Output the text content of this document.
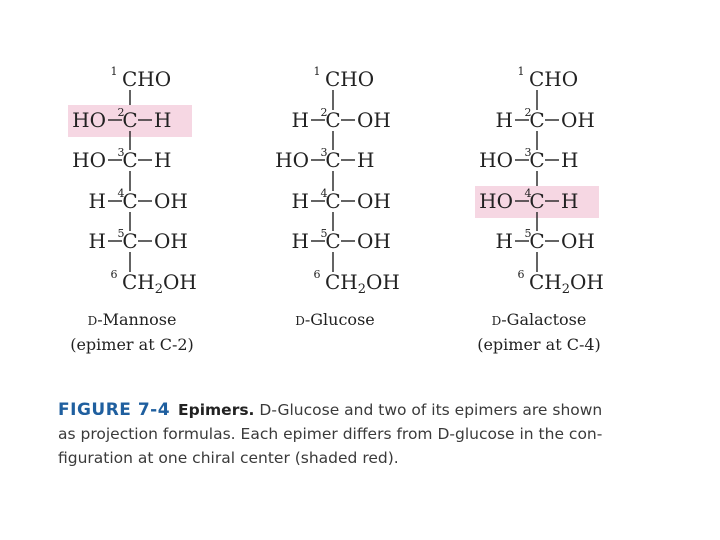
1 CHO
2
C
HO H
3
C
HO H
4
C
H OH
5
C
H OH
6 $CH_2OH$
D-Mannose
(epimer at C-2)
1 CHO
2
C
H OH
3
C
HO H
4
C
H OH
5
C
H OH
6 $CH_2OH$
D-Glucose
1 CHO
2
C
H OH
3
C
HO H
4
C
HO H
5
C
H OH
6 $CH_2OH$
D-Galactose
(epimer at C-4)
FIGURE 7-4 Epimers. D-Glucose and two of its epimers are shown
as projection formulas. Each epimer differs from D-glucose in the con-
figuration at one chiral center (shaded red).
